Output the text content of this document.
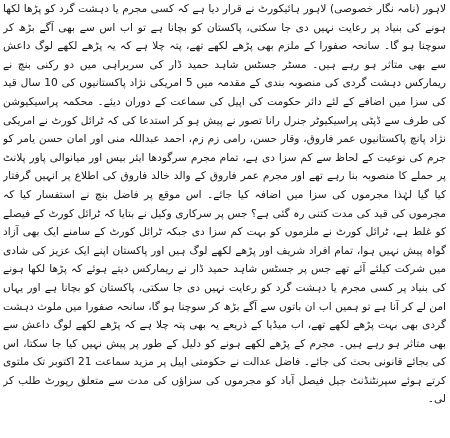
لاہور (نامہ نگار خصوصی) لاہور ہائیکورٹ نے قرار دیا ہے کہ کسی مجرم یا دہشت گرد کو پڑھا لکھا ہونے کی بنیاد پر رعایت نہیں دی جا سکتی، پاکستان کو بچانا ہے تو اب اس سے بھی آگے بڑھ کر سوچنا ہو گا۔ سانحہ صفورا کے ملزم بھی پڑھے لکھے تھے، پتہ چلا ہے کہ یہ پڑھے لکھے لوگ داعش سے بھی متاثر ہو رہے ہیں۔ مسٹر جسٹس شاہد حمید ڈار کی سربراہی میں دو رکنی بنچ نے ریمارکس دہشت گردی کی منصوبہ بندی کے مقدمہ میں 5 امریکی نژاد پاکستانیوں کی 10 سال قید کی سزا میں اضافے کے لئے دائر حکومت کی اپیل کی سماعت کے دوران دیئے۔ محکمہ پراسیکیوشن کی طرف سے ڈپٹی پراسیکیوٹر جنرل رانا تصور نے پیش ہو کر استدعا کی کہ ٹرائل کورٹ نے امریکی نژاد پانچ پاکستانیوں عمر فاروق، وقار حسن، رامی زم زم، احمد عبداللہ منی اور امان حسن یامر کو جرم کی نوعیت کے لحاظ سے کم سزا دی ہے، تمام مجرم سرگودھا ایئر بیس اور میانوالی پاور پلانٹ پر حملے کا منصوبہ بنا رہے تھے اور مجرم عمر فاروق کے والد خالد فاروق کی اطلاع پر انہیں گرفتار کیا گیا لہٰذا مجرموں کی سزا میں اضافہ کیا جائے۔ اس موقع پر فاضل بنچ نے استفسار کیا کہ مجرموں کی قید کی مدت کتنی رہ گئی ہے؟ جس پر سرکاری وکیل نے بتایا کہ ٹرائل کورٹ کے فیصلے کو غلط ہے، ٹرائل کورٹ نے ملزموں کو بہت کم سزا دی جبکہ ٹرائل کورٹ کے سامنے ایک بھی آزاد گواہ پیش نہیں ہوا، تمام افراد شریف اور پڑھے لکھے لوگ ہیں اور پاکستان اپنے ایک عزیز کی شادی میں شرکت کیلئے آئے تھے جس پر جسٹس شاہد حمید ڈار نے ریمارکس دیتے ہوئے کہ پڑھا لکھا ہونے کی بنیاد پر کسی مجرم یا دہشت گرد کو رعایت نہیں دی جا سکتی، پاکستان کو بچانا ہے اور یہاں امن لے کر آنا ہے تو ہمیں اب ان باتوں سے آگے بڑھ کر سوچنا ہو گا، سانحہ صفورا میں ملوث دہشت گردی بھی بہت پڑھے لکھے تھے، اب میڈیا کے ذریعے یہ بھی پتہ چلا ہے کہ پڑھے لکھے لوگ داعش سے بھی متاثر ہو رہے ہیں۔ مجرم کے پڑھے لکھے ہونے کو دلیل کے طور پر پیش نہیں کیا جا سکتا، اس کی بجائے قانونی بحث کی جائے۔ فاضل عدالت نے حکومتی اپیل پر مزید سماعت 21 اکتوبر تک ملتوی کرتے ہوئے سپرنٹنڈنٹ جیل فیصل آباد کو مجرموں کی سزاؤں کی مدت سے متعلق رپورٹ طلب کر لی۔
